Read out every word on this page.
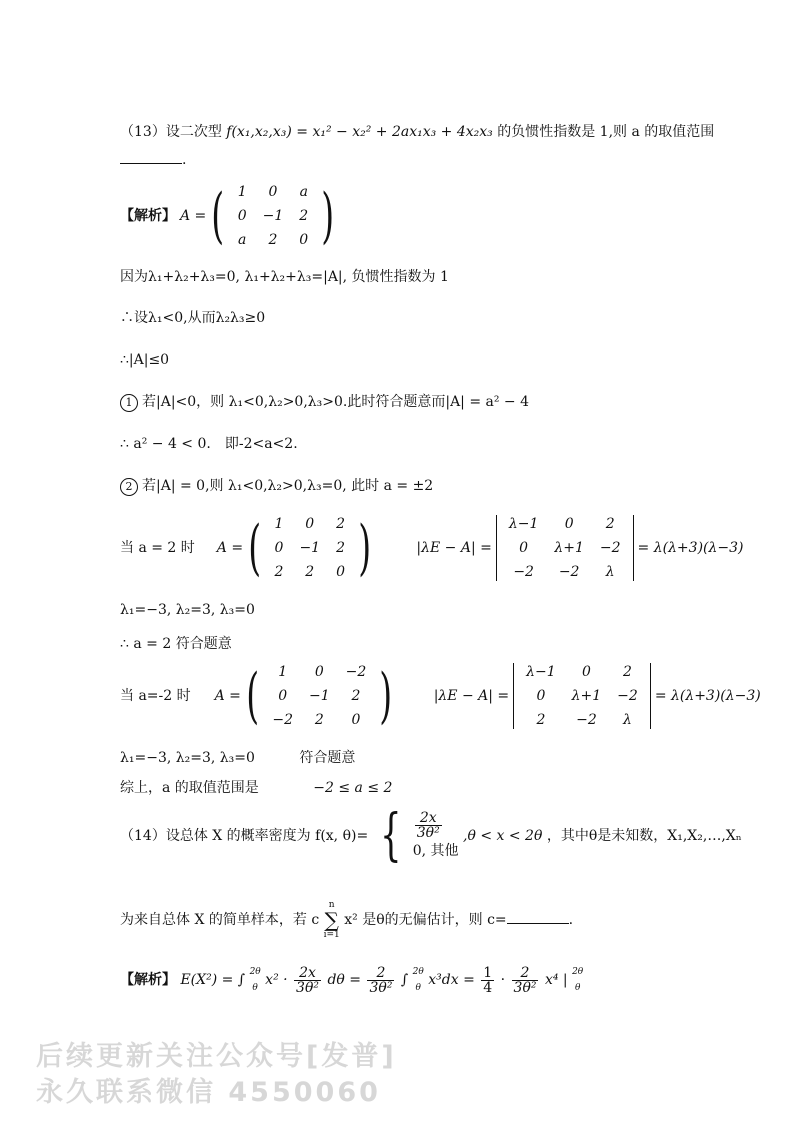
（13）设二次型 f(x₁,x₂,x₃) = x₁² − x₂² + 2ax₁x₃ + 4x₂x₃ 的负惯性指数是 1,则 a 的取值范围
.
【解析】 A = ( 1	0	a
0	−1	2
a	2	0 )
因为λ₁+λ₂+λ₃=0, λ₁+λ₂+λ₃=|A|, 负惯性指数为 1
∴设λ₁<0,从而λ₂λ₃≥0
∴|A|≤0
1 若|A|<0，则 λ₁<0,λ₂>0,λ₃>0.此时符合题意而|A| = a² − 4
∴ a² − 4 < 0.　即-2<a<2.
2 若|A| = 0,则 λ₁<0,λ₂>0,λ₃=0, 此时 a = ±2
当 a = 2 时 A = ( 1	0	2
0	−1	2
2	2	0 )	|λE − A| =
λ−1	0	2
0	λ+1	−2
−2	−2	λ
= λ(λ+3)(λ−3)
λ₁=−3, λ₂=3, λ₃=0
∴ a = 2 符合题意
当 a=-2 时 A = ( 1	0	−2
0	−1	2
−2	2	0 )	|λE − A| =
λ−1	0	2
0	λ+1	−2
2	−2	λ
= λ(λ+3)(λ−3)
λ₁=−3, λ₂=3, λ₃=0	符合题意
综上，a 的取值范围是	−2 ≤ a ≤ 2
（14）设总体 X 的概率密度为 f(x, θ)= { $\frac{2x}{\text{3θ²}}$
0, 其他
,θ < x < 2θ ，其中θ是未知数，X₁,X₂,…,Xₙ
为来自总体 X 的简单样本，若 c n
∑
i=1 x² 是θ的无偏估计，则 c=	.
【解析】 E(X²) = ∫ 2θ
θ $x^2 \cdot \frac{2x}{\text{3θ²}}$ $d\theta = \frac{2}{\text{3θ²}}$ ∫ 2θ
θ $x^3dx = \frac{1}{4} \cdot \frac{2}{\text{3θ²}} x^4$ | 2θ
θ
后续更新关注公众号[发普]
永久联系微信 4550060
